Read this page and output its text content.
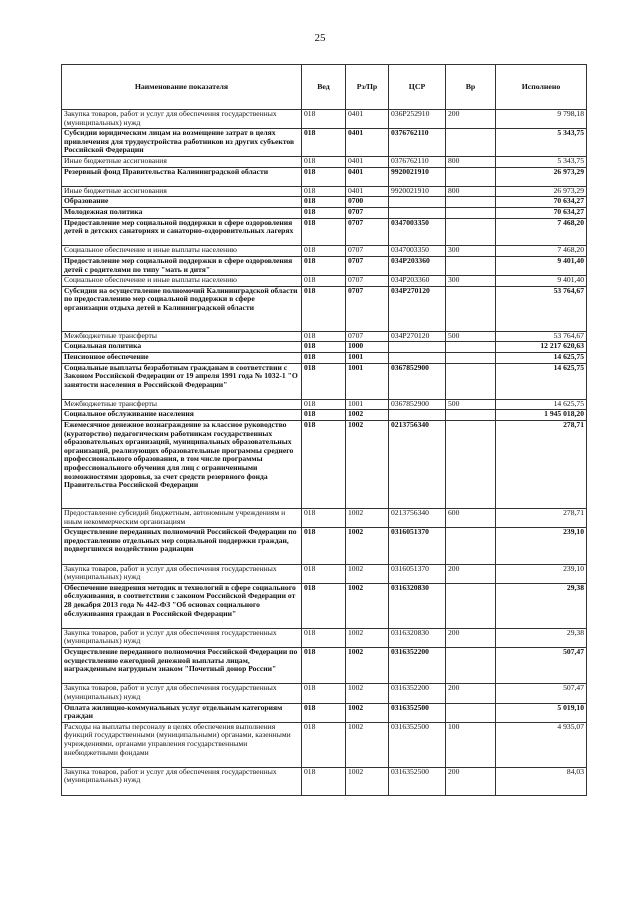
25
Наименование показателя	Вед	Рз/Пр	ЦСР	Вр	Исполнено
Закупка товаров, работ и услуг для обеспечения государственных (муниципальных) нужд	018	0401	036P252910	200	9 798,18
Субсидии юридическим лицам на возмещение затрат в целях привлечения для трудоустройства работников из других субъектов Российской Федерации	018	0401	0376762110		5 343,75
Иные бюджетные ассигнования	018	0401	0376762110	800	5 343,75
Резервный фонд Правительства Калининградской области	018	0401	9920021910		26 973,29
Иные бюджетные ассигнования	018	0401	9920021910	800	26 973,29
Образование	018	0700			70 634,27
Молодежная политика	018	0707			70 634,27
Предоставление мер социальной поддержки в сфере оздоровления детей в детских санаториях и санаторно-оздоровительных лагерях	018	0707	0347003350		7 468,20
Социальное обеспечение и иные выплаты населению	018	0707	0347003350	300	7 468,20
Предоставление мер социальной поддержки в сфере оздоровления детей с родителями по типу "мать и дитя"	018	0707	034P203360		9 401,40
Социальное обеспечение и иные выплаты населению	018	0707	034P203360	300	9 401,40
Субсидии на осуществление полномочий Калининградской области по предоставлению мер социальной поддержки в сфере организации отдыха детей в Калининградской области	018	0707	034P270120		53 764,67
Межбюджетные трансферты	018	0707	034P270120	500	53 764,67
Социальная политика	018	1000			12 217 620,63
Пенсионное обеспечение	018	1001			14 625,75
Социальные выплаты безработным гражданам в соответствии с Законом Российской Федерации от 19 апреля 1991 года № 1032-1 "О занятости населения в Российской Федерации"	018	1001	0367852900		14 625,75
Межбюджетные трансферты	018	1001	0367852900	500	14 625,75
Социальное обслуживание населения	018	1002			1 945 018,20
Ежемесячное денежное вознаграждение за классное руководство (кураторство) педагогическим работникам государственных образовательных организаций, муниципальных образовательных организаций, реализующих образовательные программы среднего профессионального образования, в том числе программы профессионального обучения для лиц с ограниченными возможностями здоровья, за счет средств резервного фонда Правительства Российской Федерации	018	1002	0213756340		278,71
Предоставление субсидий бюджетным, автономным учреждениям и иным некоммерческим организациям	018	1002	0213756340	600	278,71
Осуществление переданных полномочий Российской Федерации по предоставлению отдельных мер социальной поддержки граждан, подвергшихся воздействию радиации	018	1002	0316051370		239,10
Закупка товаров, работ и услуг для обеспечения государственных (муниципальных) нужд	018	1002	0316051370	200	239,10
Обеспечение внедрения методик и технологий в сфере социального обслуживания, в соответствии с законом Российской Федерации от 28 декабря 2013 года № 442-ФЗ "Об основах социального обслуживания граждан в Российской Федерации"	018	1002	0316320830		29,38
Закупка товаров, работ и услуг для обеспечения государственных (муниципальных) нужд	018	1002	0316320830	200	29,38
Осуществление переданного полномочия Российской Федерации по осуществлению ежегодной денежной выплаты лицам, награжденным нагрудным знаком "Почетный донор России"	018	1002	0316352200		507,47
Закупка товаров, работ и услуг для обеспечения государственных (муниципальных) нужд	018	1002	0316352200	200	507,47
Оплата жилищно-коммунальных услуг отдельным категориям граждан	018	1002	0316352500		5 019,10
Расходы на выплаты персоналу в целях обеспечения выполнения функций государственными (муниципальными) органами, казенными учреждениями, органами управления государственными внебюджетными фондами	018	1002	0316352500	100	4 935,07
Закупка товаров, работ и услуг для обеспечения государственных (муниципальных) нужд	018	1002	0316352500	200	84,03
